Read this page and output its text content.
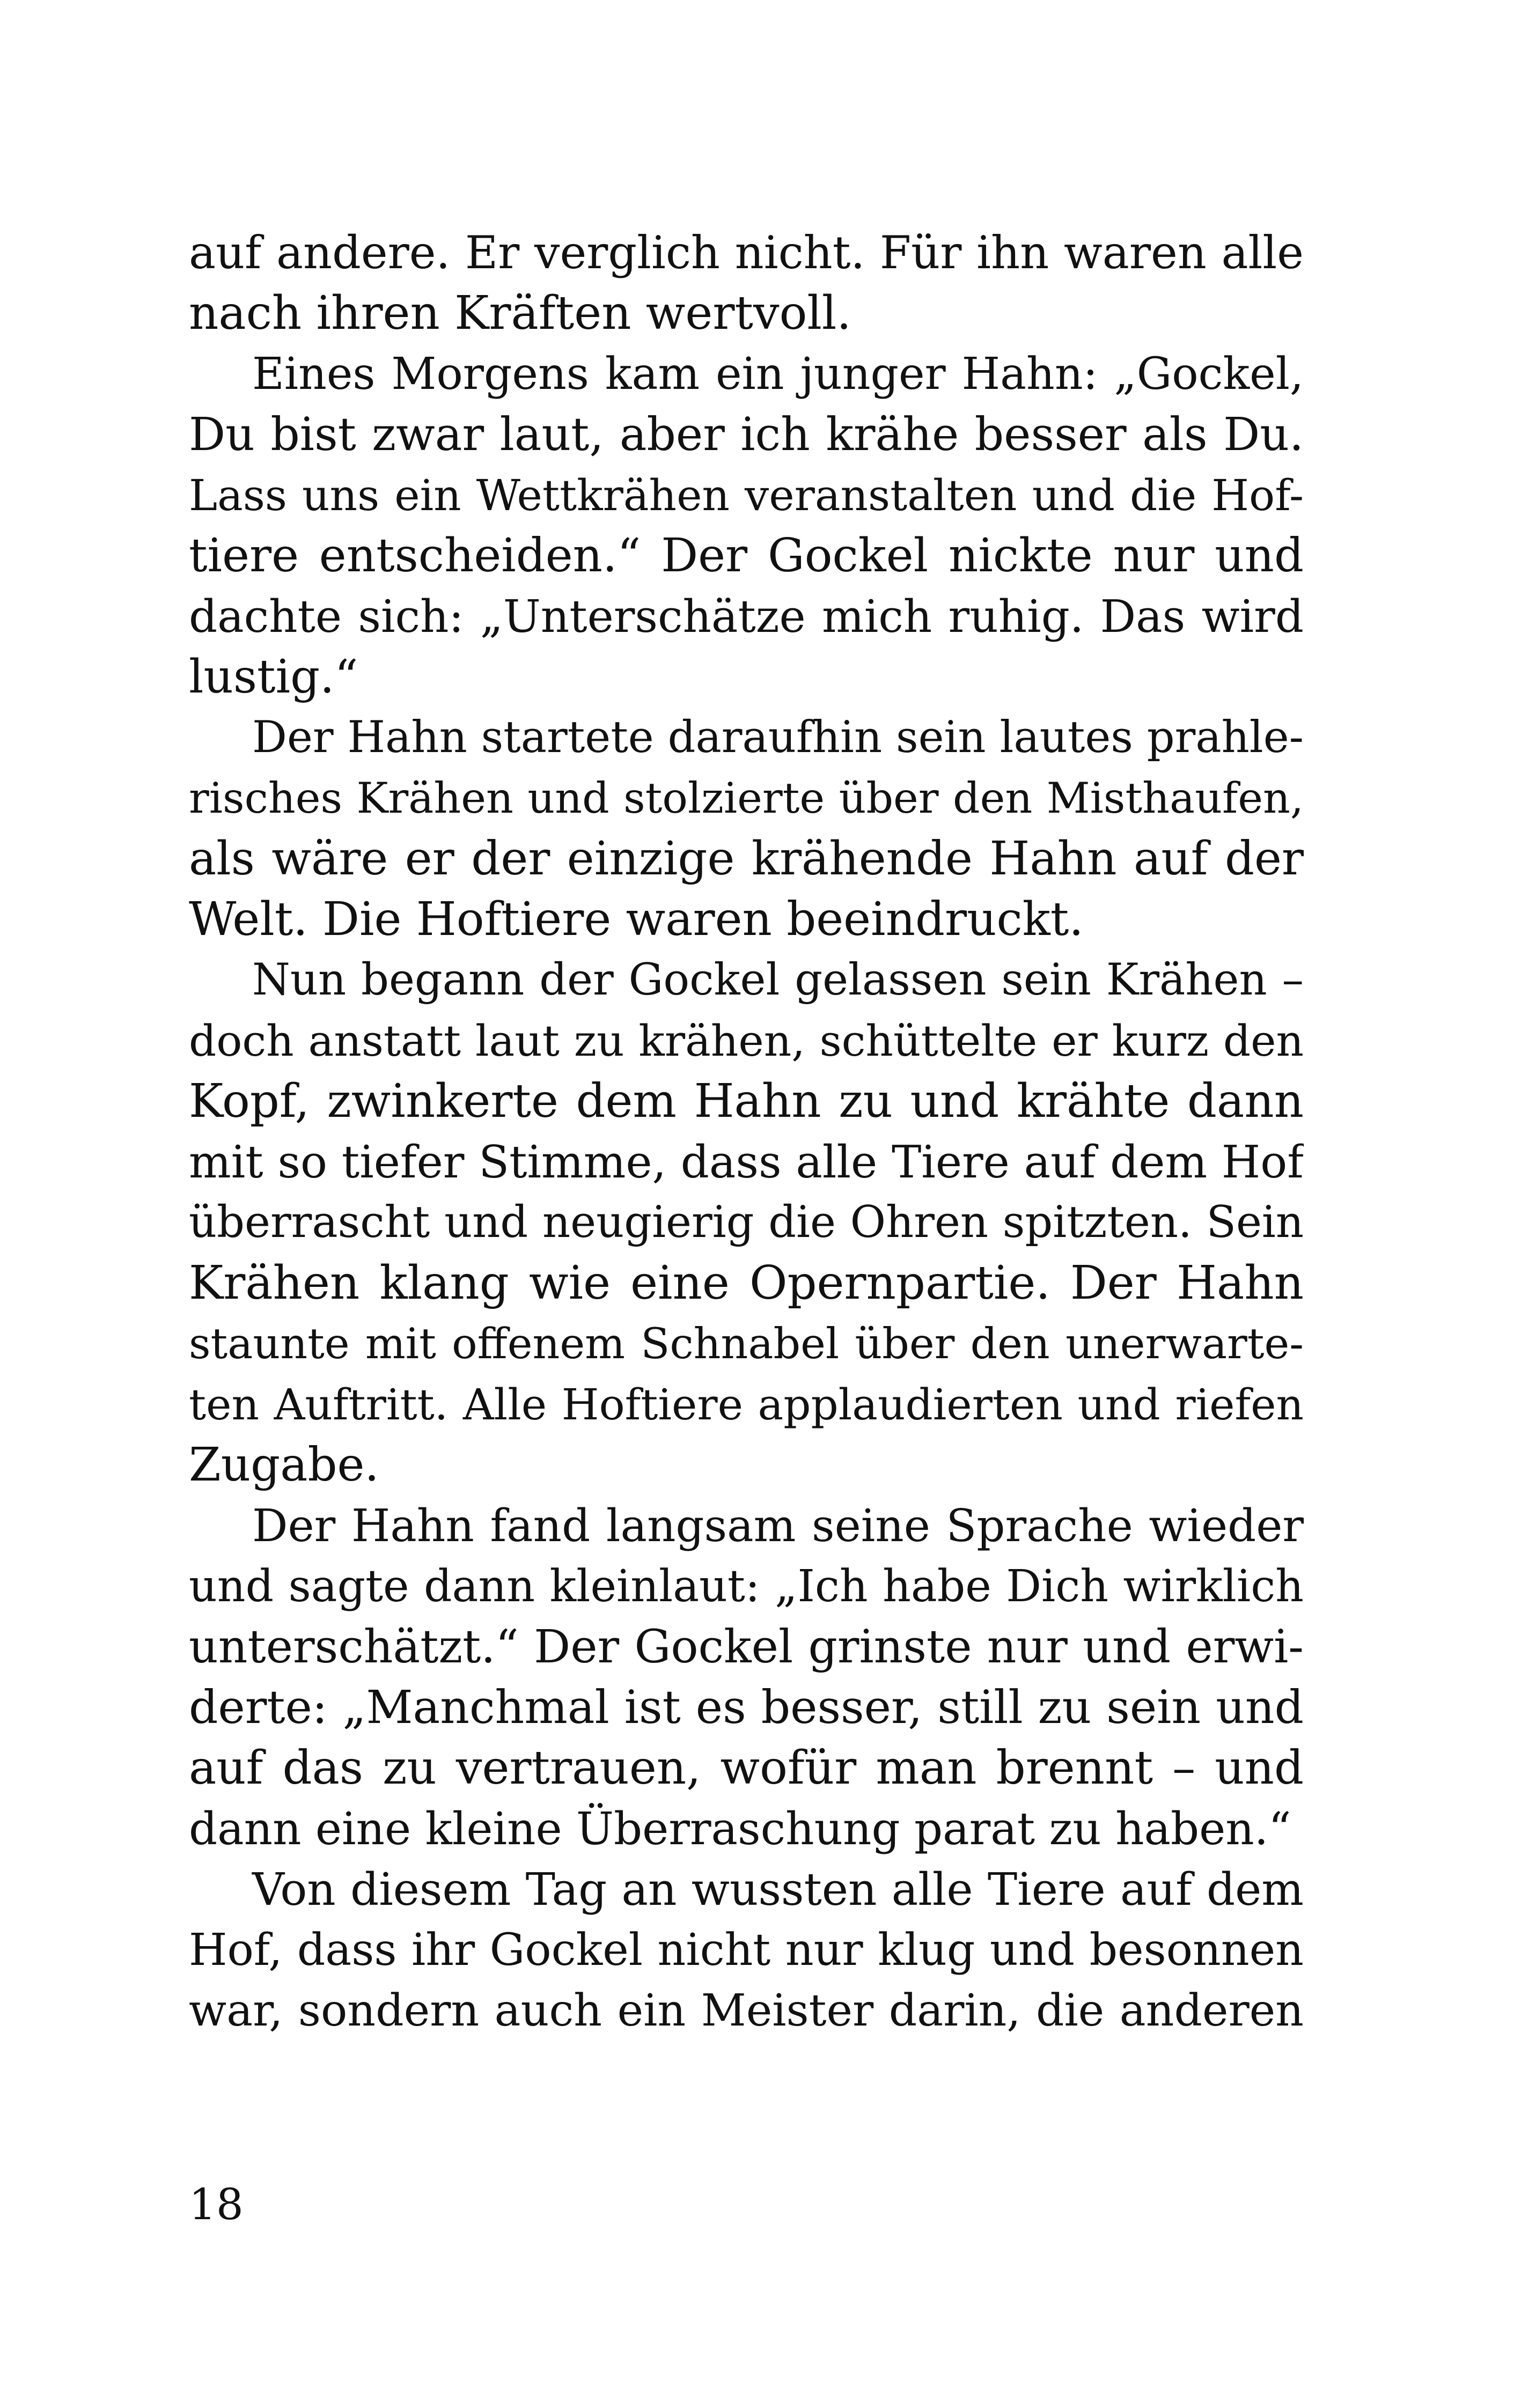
auf andere. Er verglich nicht. Für ihn waren alle
nach ihren Kräften wertvoll.
Eines Morgens kam ein junger Hahn: „Gockel,
Du bist zwar laut, aber ich krähe besser als Du.
Lass uns ein Wettkrähen veranstalten und die Hof-
tiere entscheiden.“ Der Gockel nickte nur und
dachte sich: „Unterschätze mich ruhig. Das wird
lustig.“
Der Hahn startete daraufhin sein lautes prahle-
risches Krähen und stolzierte über den Misthaufen,
als wäre er der einzige krähende Hahn auf der
Welt. Die Hoftiere waren beeindruckt.
Nun begann der Gockel gelassen sein Krähen –
doch anstatt laut zu krähen, schüttelte er kurz den
Kopf, zwinkerte dem Hahn zu und krähte dann
mit so tiefer Stimme, dass alle Tiere auf dem Hof
überrascht und neugierig die Ohren spitzten. Sein
Krähen klang wie eine Opernpartie. Der Hahn
staunte mit offenem Schnabel über den unerwarte-
ten Auftritt. Alle Hoftiere applaudierten und riefen
Zugabe.
Der Hahn fand langsam seine Sprache wieder
und sagte dann kleinlaut: „Ich habe Dich wirklich
unterschätzt.“ Der Gockel grinste nur und erwi-
derte: „Manchmal ist es besser, still zu sein und
auf das zu vertrauen, wofür man brennt – und
dann eine kleine Überraschung parat zu haben.“
Von diesem Tag an wussten alle Tiere auf dem
Hof, dass ihr Gockel nicht nur klug und besonnen
war, sondern auch ein Meister darin, die anderen
18
